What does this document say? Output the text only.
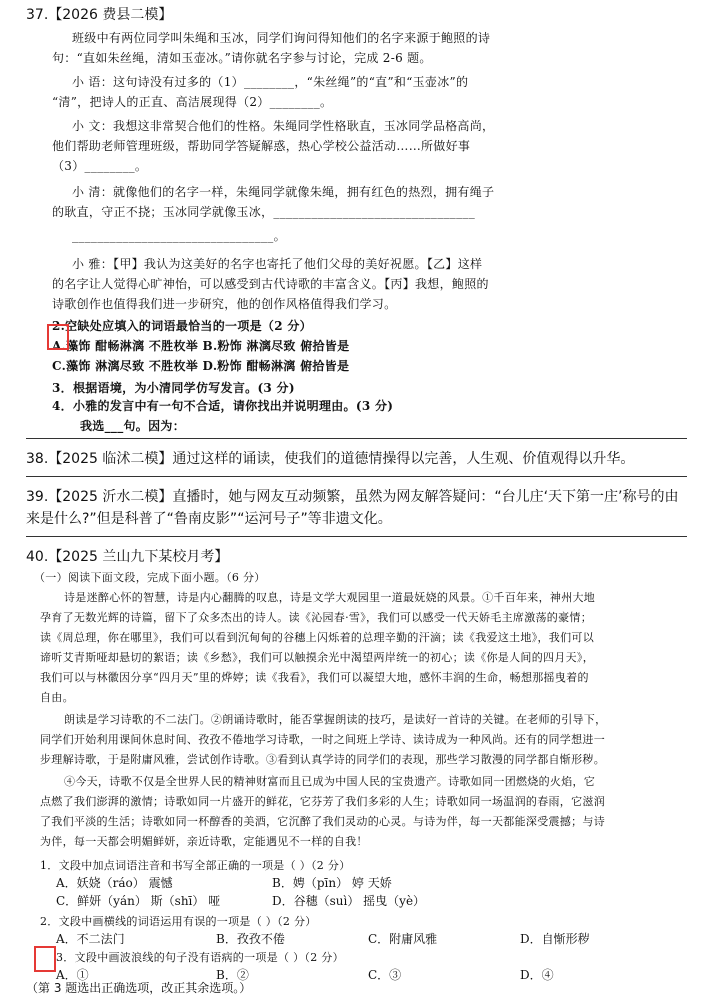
37.【2026 费县二模】
班级中有两位同学叫朱绳和玉冰，同学们询问得知他们的名字来源于鲍照的诗
句：“直如朱丝绳，清如玉壶冰。”请你就名字参与讨论，完成 2-6 题。
小 语：这句诗没有过多的（1）________，“朱丝绳”的“直”和“玉壶冰”的
“清”，把诗人的正直、高洁展现得（2）________。
小 文：我想这非常契合他们的性格。朱绳同学性格耿直，玉冰同学品格高尚，
他们帮助老师管理班级，帮助同学答疑解惑，热心学校公益活动……所做好事
（3）________。
小 清：就像他们的名字一样，朱绳同学就像朱绳，拥有红色的热烈，拥有绳子
的耿直，守正不挠；玉冰同学就像玉冰，________________________________
________________________________。
小 雅：【甲】我认为这美好的名字也寄托了他们父母的美好祝愿。【乙】这样
的名字让人觉得心旷神怡，可以感受到古代诗歌的丰富含义。【丙】我想，鲍照的
诗歌创作也值得我们进一步研究，他的创作风格值得我们学习。
2.空缺处应填入的词语最恰当的一项是（2 分）
A.藻饰 酣畅淋漓 不胜枚举 B.粉饰 淋漓尽致 俯拾皆是
C.藻饰 淋漓尽致 不胜枚举 D.粉饰 酣畅淋漓 俯拾皆是
3．根据语境，为小清同学仿写发言。(3 分)
4．小雅的发言中有一句不合适，请你找出并说明理由。(3 分)
我选___句。因为：
38.【2025 临沭二模】通过这样的诵读，使我们的道德情操得以完善，人生观、价值观得以升华。
39.【2025 沂水二模】直播时，她与网友互动频繁，虽然为网友解答疑问：“台儿庄‘天下第一庄’称号的由来是什么?”但是科普了“鲁南皮影”“运河号子”等非遗文化。
40.【2025 兰山九下某校月考】
（一）阅读下面文段，完成下面小题。（6 分）
诗是迷醉心怀的智慧，诗是内心翻腾的叹息，诗是文学大观园里一道最妩娆的风景。①千百年来，神州大地
孕育了无数光辉的诗篇，留下了众多杰出的诗人。读《沁园春·雪》，我们可以感受一代天娇毛主席激荡的豪情；
读《周总理，你在哪里》，我们可以看到沉甸甸的谷穗上闪烁着的总理辛勤的汗滴；读《我爱这土地》，我们可以
谛听艾青斯哑却悬切的絮语；读《乡愁》，我们可以触摸余光中渴望两岸统一的初心；读《你是人间的四月天》，
我们可以与林徽因分享“四月天”里的烨婷；读《我看》，我们可以凝望大地，感怀丰润的生命，畅想那摇曳着的
自由。
朗读是学习诗歌的不二法门。②朗诵诗歌时，能否掌握朗读的技巧，是读好一首诗的关键。在老师的引导下，
同学们开始利用课间休息时间、孜孜不倦地学习诗歌，一时之间班上学诗、读诗成为一种风尚。还有的同学想进一
步理解诗歌，于是附庸风雅，尝试创作诗歌。③看到认真学诗的同学们的表现，那些学习散漫的同学都自惭形秽。
④今天，诗歌不仅是全世界人民的精神财富而且已成为中国人民的宝贵遗产。诗歌如同一团燃烧的火焰，它
点燃了我们澎湃的激情；诗歌如同一片盛开的鲜花，它芬芳了我们多彩的人生；诗歌如同一场温润的春雨，它滋润
了我们平淡的生活；诗歌如同一杯醇香的美酒，它沉醉了我们灵动的心灵。与诗为伴，每一天都能深受震撼；与诗
为伴，每一天都会明媚鲜妍，亲近诗歌，定能遇见不一样的自我！
1．文段中加点词语注音和书写全部正确的一项是（ ）（2 分）
A．妖娆（ráo） 震憾	B．娉（pīn） 婷 天娇
C．鲜妍（yán） 斯（shī） 哑	D．谷穗（suì） 摇曳（yè）
2．文段中画横线的词语运用有误的一项是（ ）（2 分）
A．不二法门	B．孜孜不倦	C．附庸风雅	D．自惭形秽
3．文段中画波浪线的句子没有语病的一项是（ ）（2 分）
A．①	B．②	C．③	D．④
（第 3 题选出正确选项，改正其余选项。）
